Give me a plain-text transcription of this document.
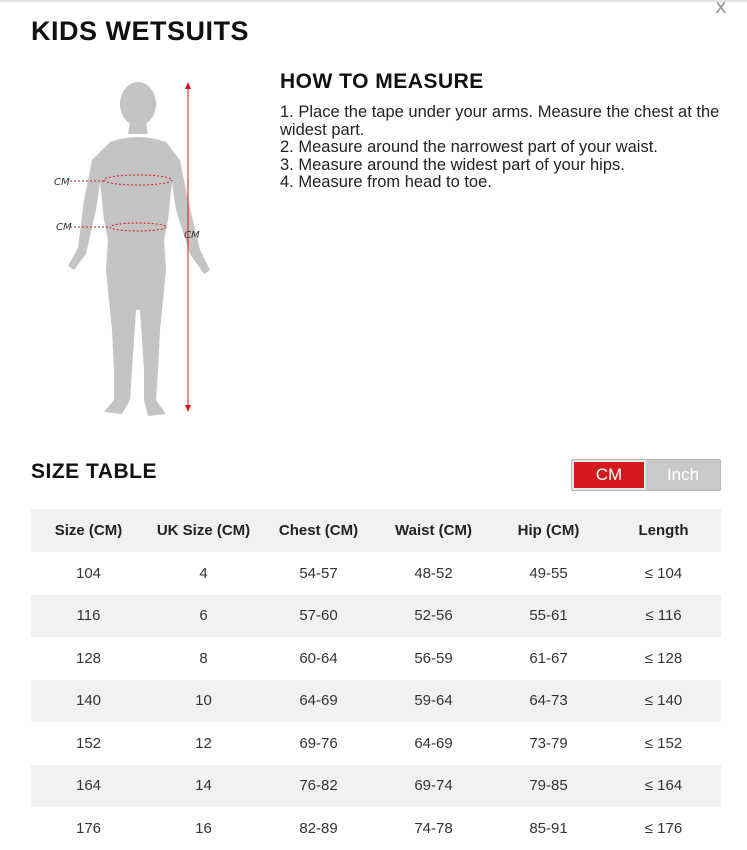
x
KIDS WETSUITS
CM
CM
CM
HOW TO MEASURE

1. Place the tape under your arms. Measure the chest at the widest part.

2. Measure around the narrowest part of your waist.

3. Measure around the widest part of your hips.

4. Measure from head to toe.

SIZE TABLE	CM	Inch
Size (CM)	UK Size (CM)	Chest (CM)	Waist (CM)	Hip (CM)	Length
104	4	54-57	48-52	49-55	≤ 104
116	6	57-60	52-56	55-61	≤ 116
128	8	60-64	56-59	61-67	≤ 128
140	10	64-69	59-64	64-73	≤ 140
152	12	69-76	64-69	73-79	≤ 152
164	14	76-82	69-74	79-85	≤ 164
176	16	82-89	74-78	85-91	≤ 176
